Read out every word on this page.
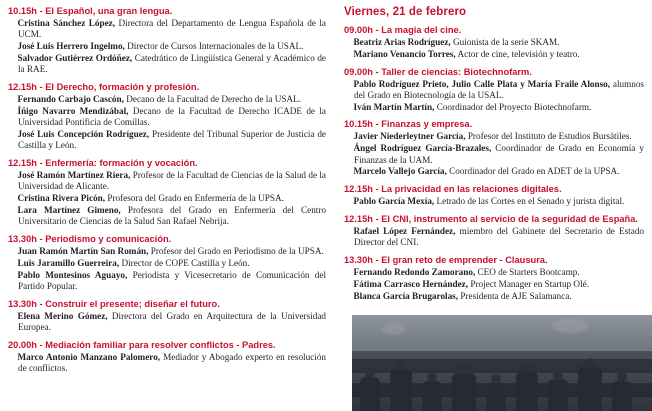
10.15h - El Español, una gran lengua.
Cristina Sánchez López, Directora del Departamento de Lengua Española de la UCM.
José Luis Herrero Ingelmo, Director de Cursos Internacionales de la USAL.
Salvador Gutiérrez Ordóñez, Catedrático de Lingüística General y Académico de la RAE.
12.15h - El Derecho, formación y profesión.
Fernando Carbajo Cascón, Decano de la Facultad de Derecho de la USAL.
Íñigo Navarro Mendizábal, Decano de la Facultad de Derecho ICADE de la Universidad Pontificia de Comillas.
José Luis Concepción Rodríguez, Presidente del Tribunal Superior de Justicia de Castilla y León.
12.15h - Enfermería: formación y vocación.
José Ramón Martínez Riera, Profesor de la Facultad de Ciencias de la Salud de la Universidad de Alicante.
Cristina Rivera Picón, Profesora del Grado en Enfermería de la UPSA.
Lara Martínez Gimeno, Profesora del Grado en Enfermería del Centro Universitario de Ciencias de la Salud San Rafael Nebrija.
13.30h - Periodismo y comunicación.
Juan Ramón Martín San Román, Profesor del Grado en Periodismo de la UPSA.
Luis Jaramillo Guerreira, Director de COPE Castilla y León.
Pablo Montesinos Aguayo, Periodista y Vicesecretario de Comunicación del Partido Popular.
13.30h - Construir el presente; diseñar el futuro.
Elena Merino Gómez, Directora del Grado en Arquitectura de la Universidad Europea.
20.00h - Mediación familiar para resolver conflictos - Padres.
Marco Antonio Manzano Palomero, Mediador y Abogado experto en resolución de conflictos.
Viernes, 21 de febrero
09.00h - La magia del cine.
Beatriz Arias Rodríguez, Guionista de la serie SKAM.
Mariano Venancio Torres, Actor de cine, televisión y teatro.
09.00h - Taller de ciencias: Biotechnofarm.
Pablo Rodríguez Prieto, Julio Calle Plata y María Fraile Alonso, alumnos del Grado en Biotecnología de la USAL.
Iván Martín Martín, Coordinador del Proyecto Biotechnofarm.
10.15h - Finanzas y empresa.
Javier Niederleytner García, Profesor del Instituto de Estudios Bursátiles.
Ángel Rodríguez García-Brazales, Coordinador de Grado en Economía y Finanzas de la UAM.
Marcelo Vallejo García, Coordinador del Grado en ADET de la UPSA.
12.15h - La privacidad en las relaciones digitales.
Pablo García Mexía, Letrado de las Cortes en el Senado y jurista digital.
12.15h - El CNI, instrumento al servicio de la seguridad de España.
Rafael López Fernández, miembro del Gabinete del Secretario de Estado Director del CNI.
13.30h - El gran reto de emprender - Clausura.
Fernando Redondo Zamorano, CEO de Starters Bootcamp.
Fátima Carrasco Hernández, Project Manager en Startup Olé.
Blanca García Brugarolas, Presidenta de AJE Salamanca.
